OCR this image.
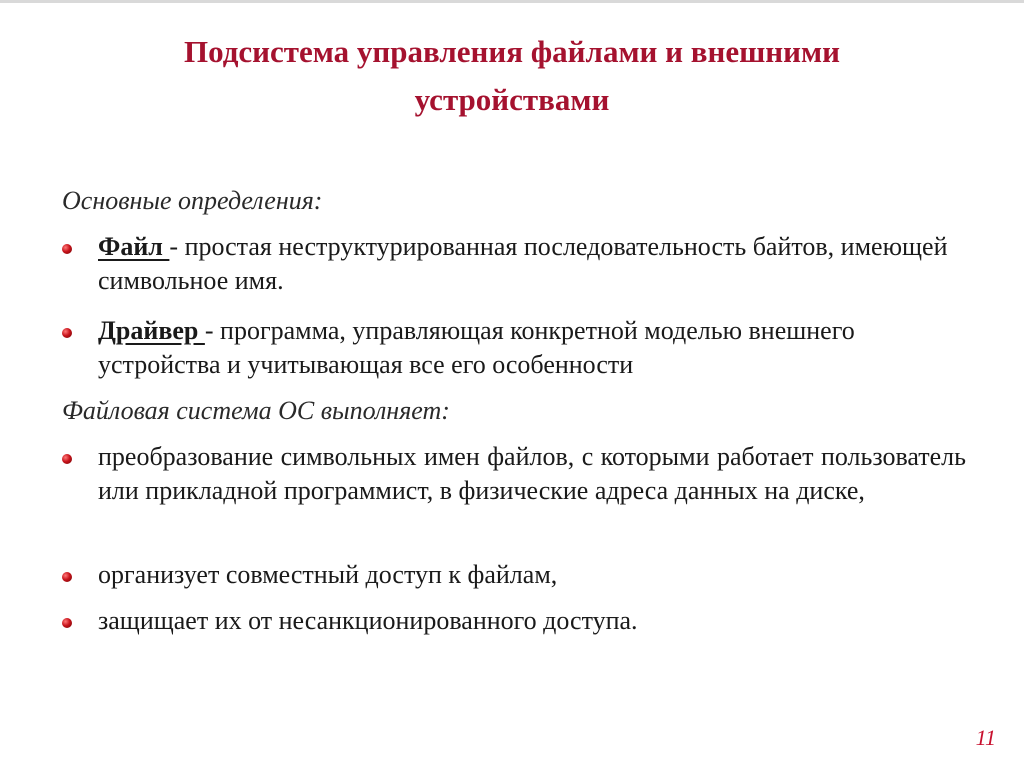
Подсистема управления файлами и внешними
устройствами
Основные определения:
Файл - простая неструктурированная последовательность байтов, имеющей символьное имя.
Драйвер - программа, управляющая конкретной моделью внешнего устройства и учитывающая все его особенности
Файловая система ОС выполняет:
преобразование символьных имен файлов, с которыми работает пользователь или прикладной программист, в физические адреса данных на диске,
организует совместный доступ к файлам,
защищает их от несанкционированного доступа.
11
